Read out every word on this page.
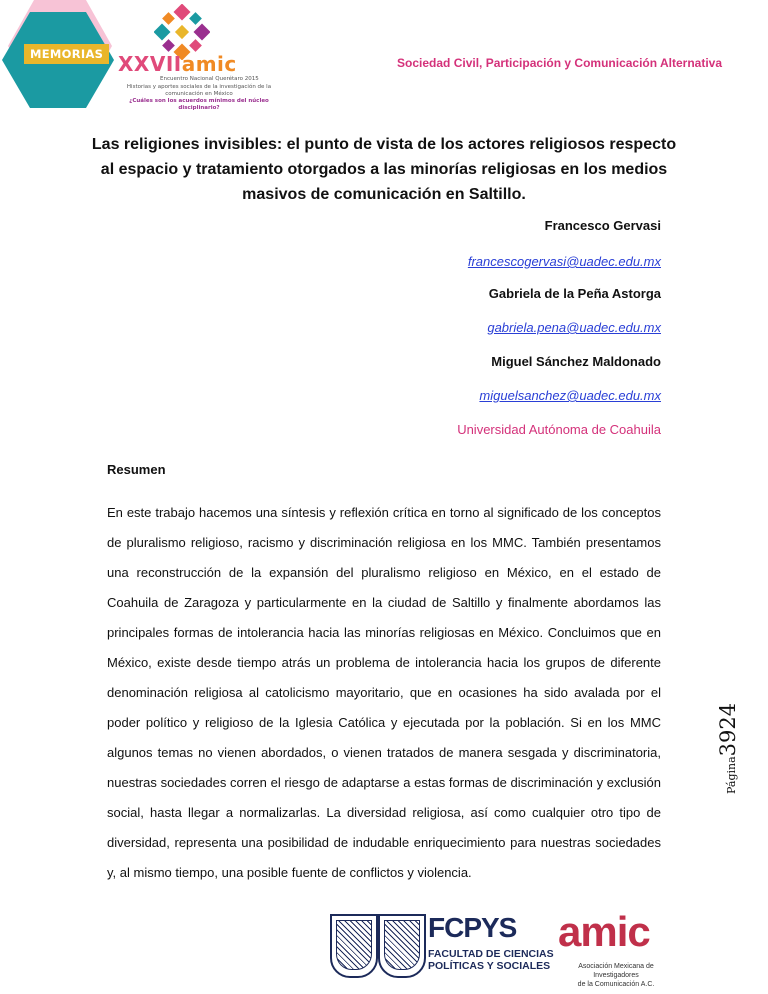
MEMORIAS XXVIIamic
Encuentro Nacional Querétaro 2015
Historias y aportes sociales de la investigación de la comunicación en México
¿Cuáles son los acuerdos mínimos del núcleo disciplinario?
Sociedad Civil, Participación y Comunicación Alternativa
Las religiones invisibles: el punto de vista de los actores religiosos respecto al espacio y tratamiento otorgados a las minorías religiosas en los medios masivos de comunicación en Saltillo.
Francesco Gervasi
francescogervasi@uadec.edu.mx
Gabriela de la Peña Astorga
gabriela.pena@uadec.edu.mx
Miguel Sánchez Maldonado
miguelsanchez@uadec.edu.mx
Universidad Autónoma de Coahuila
Resumen
En este trabajo hacemos una síntesis y reflexión crítica en torno al significado de los conceptos de pluralismo religioso, racismo y discriminación religiosa en los MMC. También presentamos una reconstrucción de la expansión del pluralismo religioso en México, en el estado de Coahuila de Zaragoza y particularmente en la ciudad de Saltillo y finalmente abordamos las principales formas de intolerancia hacia las minorías religiosas en México. Concluimos que en México, existe desde tiempo atrás un problema de intolerancia hacia los grupos de diferente denominación religiosa al catolicismo mayoritario, que en ocasiones ha sido avalada por el poder político y religioso de la Iglesia Católica y ejecutada por la población. Si en los MMC algunos temas no vienen abordados, o vienen tratados de manera sesgada y discriminatoria, nuestras sociedades corren el riesgo de adaptarse a estas formas de discriminación y exclusión social, hasta llegar a normalizarlas. La diversidad religiosa, así como cualquier otro tipo de diversidad, representa una posibilidad de indudable enriquecimiento para nuestras sociedades y, al mismo tiempo, una posible fuente de conflictos y violencia.
Página3924
FCPYS
FACULTAD DE CIENCIAS
POLÍTICAS Y SOCIALES
amic
Asociación Mexicana de Investigadores
de la Comunicación A.C.
